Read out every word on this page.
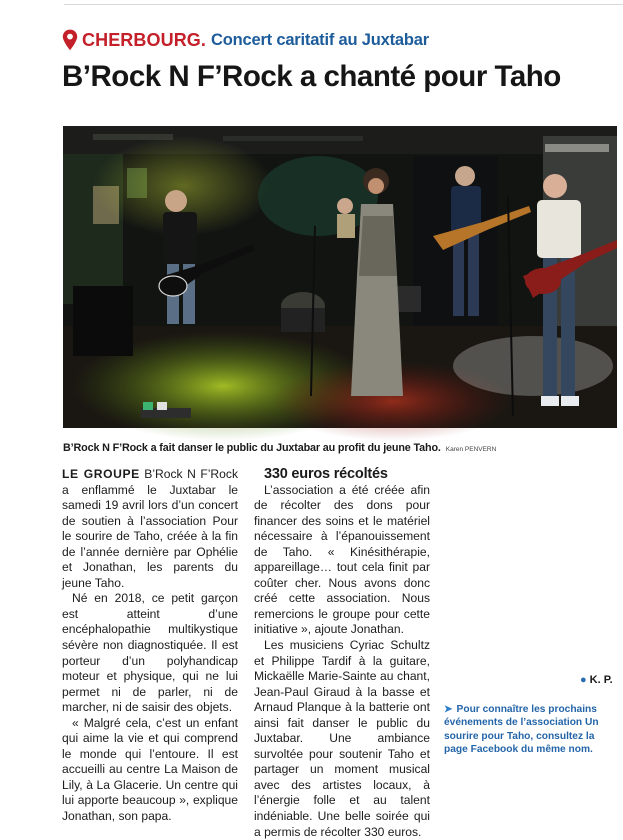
CHERBOURG. Concert caritatif au Juxtabar
B’Rock N F’Rock a chanté pour Taho
B’Rock N F’Rock a fait danser le public du Juxtabar au profit du jeune Taho. Karen PENVERN

LE GROUPE B’Rock N F’Rock a enflammé le Juxtabar le samedi 19 avril lors d’un concert de soutien à l’association Pour le sourire de Taho, créée à la fin de l’année dernière par Ophélie et Jonathan, les parents du jeune Taho.

Né en 2018, ce petit garçon est atteint d’une encéphalopathie multikystique sévère non diagnostiquée. Il est porteur d’un polyhandicap moteur et physique, qui ne lui permet ni de parler, ni de marcher, ni de saisir des objets.

« Malgré cela, c’est un enfant qui aime la vie et qui comprend le monde qui l’entoure. Il est accueilli au centre La Maison de Lily, à La Glacerie. Un centre qui lui apporte beaucoup », explique Jonathan, son papa.

330 euros récoltés

L’association a été créée afin de récolter des dons pour financer des soins et le matériel nécessaire à l’épanouissement de Taho. « Kinésithérapie, appareillage… tout cela finit par coûter cher. Nous avons donc créé cette association. Nous remercions le groupe pour cette initiative », ajoute Jonathan.

Les musiciens Cyriac Schultz et Philippe Tardif à la guitare, Mickaëlle Marie-Sainte au chant, Jean-Paul Giraud à la basse et Arnaud Planque à la batterie ont ainsi fait danser le public du Juxtabar. Une ambiance survoltée pour soutenir Taho et partager un moment musical avec des artistes locaux, à l’énergie folle et au talent indéniable. Une belle soirée qui a permis de récolter 330 euros.

● K. P.
➤ Pour connaître les prochains événements de l’association Un sourire pour Taho, consultez la page Facebook du même nom.
